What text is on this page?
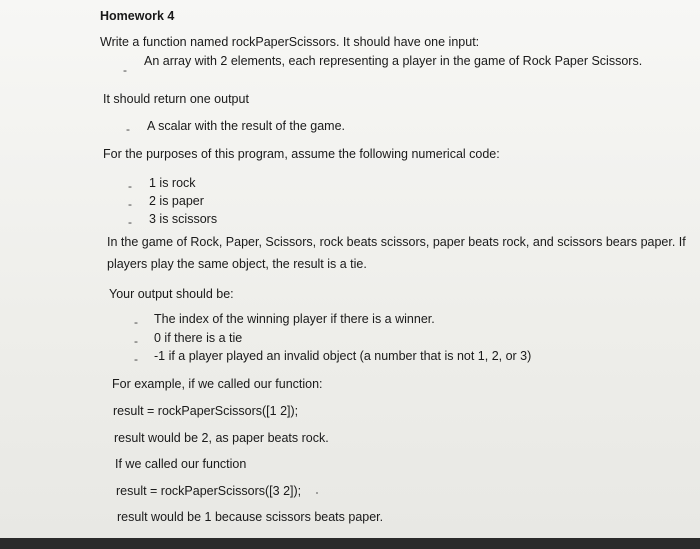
Homework 4
Write a function named rockPaperScissors. It should have one input:
-
An array with 2 elements, each representing a player in the game of Rock Paper Scissors.
It should return one output
- A scalar with the result of the game.
For the purposes of this program, assume the following numerical code:
- 1 is rock
- 2 is paper
- 3 is scissors
In the game of Rock, Paper, Scissors, rock beats scissors, paper beats rock, and scissors bears paper. If
players play the same object, the result is a tie.
Your output should be:
- The index of the winning player if there is a winner.
- 0 if there is a tie
- -1 if a player played an invalid object (a number that is not 1, 2, or 3)
For example, if we called our function:
result = rockPaperScissors([1 2]);
result would be 2, as paper beats rock.
If we called our function
result = rockPaperScissors([3 2]);
result would be 1 because scissors beats paper.
